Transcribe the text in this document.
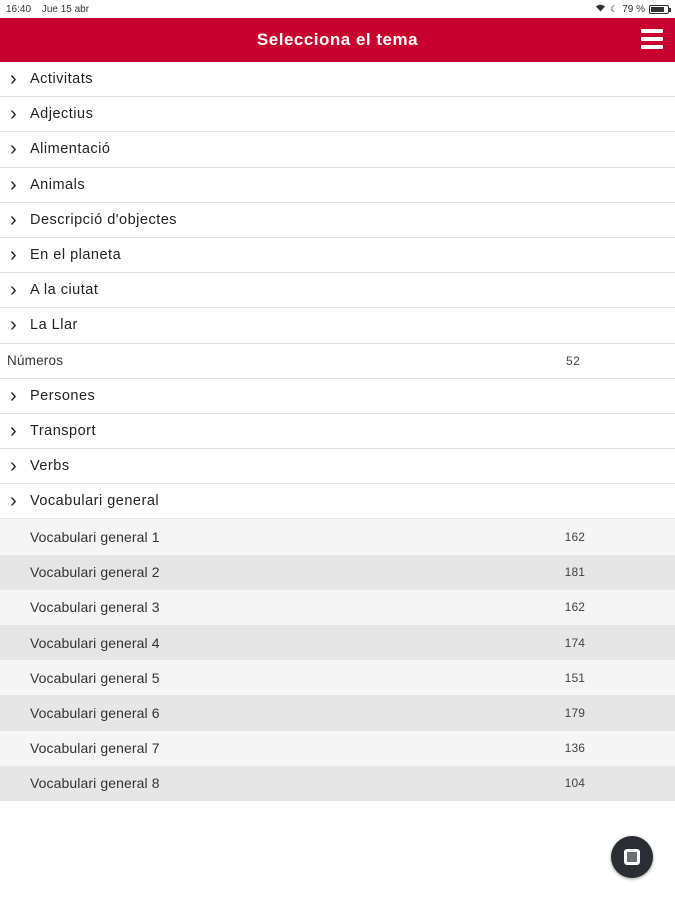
16:40 Jue 15 abr	☾ 79 %
Selecciona el tema
› Activitats
› Adjectius
› Alimentació
› Animals
› Descripció d'objectes
› En el planeta
› A la ciutat
› La Llar
Números	52
› Persones
› Transport
› Verbs
› Vocabulari general
Vocabulari general 1	162
Vocabulari general 2	181
Vocabulari general 3	162
Vocabulari general 4	174
Vocabulari general 5	151
Vocabulari general 6	179
Vocabulari general 7	136
Vocabulari general 8	104
